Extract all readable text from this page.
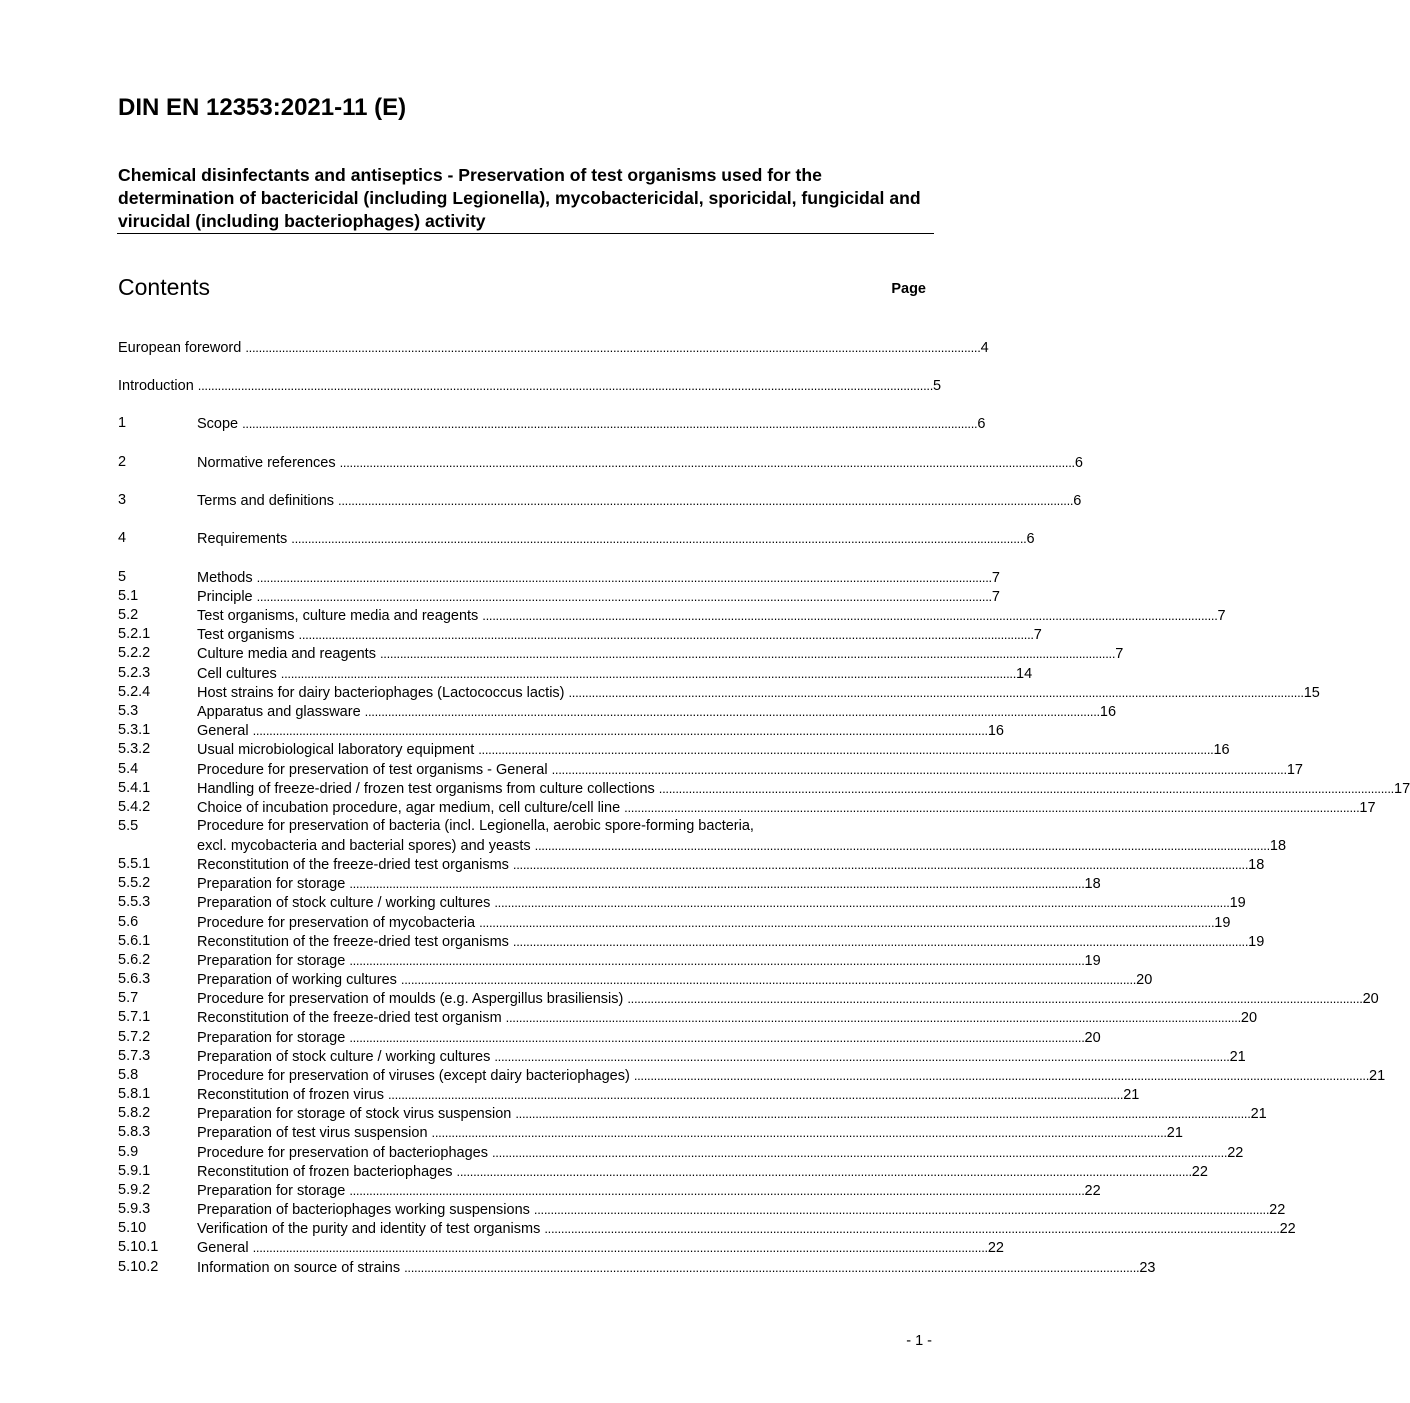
DIN EN 12353:2021-11 (E)
Chemical disinfectants and antiseptics - Preservation of test organisms used for the determination of bactericidal (including Legionella), mycobactericidal, sporicidal, fungicidal and virucidal (including bacteriophages) activity
Contents	Page
European foreword .............................................................................................................................................................................................................................. 4
Introduction .............................................................................................................................................................................................................................. 5
1	Scope .............................................................................................................................................................................................................................. 6
2	Normative references .............................................................................................................................................................................................................................. 6
3	Terms and definitions .............................................................................................................................................................................................................................. 6
4	Requirements .............................................................................................................................................................................................................................. 6
5	Methods .............................................................................................................................................................................................................................. 7
5.1	Principle .............................................................................................................................................................................................................................. 7
5.2	Test organisms, culture media and reagents .............................................................................................................................................................................................................................. 7
5.2.1	Test organisms .............................................................................................................................................................................................................................. 7
5.2.2	Culture media and reagents .............................................................................................................................................................................................................................. 7
5.2.3	Cell cultures .............................................................................................................................................................................................................................. 14
5.2.4	Host strains for dairy bacteriophages (Lactococcus lactis) .............................................................................................................................................................................................................................. 15
5.3	Apparatus and glassware .............................................................................................................................................................................................................................. 16
5.3.1	General .............................................................................................................................................................................................................................. 16
5.3.2	Usual microbiological laboratory equipment .............................................................................................................................................................................................................................. 16
5.4	Procedure for preservation of test organisms - General .............................................................................................................................................................................................................................. 17
5.4.1	Handling of freeze-dried / frozen test organisms from culture collections .............................................................................................................................................................................................................................. 17
5.4.2	Choice of incubation procedure, agar medium, cell culture/cell line .............................................................................................................................................................................................................................. 17
5.5	Procedure for preservation of bacteria (incl. Legionella, aerobic spore-forming bacteria,
excl. mycobacteria and bacterial spores) and yeasts .............................................................................................................................................................................................................................. 18
5.5.1	Reconstitution of the freeze-dried test organisms .............................................................................................................................................................................................................................. 18
5.5.2	Preparation for storage .............................................................................................................................................................................................................................. 18
5.5.3	Preparation of stock culture / working cultures .............................................................................................................................................................................................................................. 19
5.6	Procedure for preservation of mycobacteria .............................................................................................................................................................................................................................. 19
5.6.1	Reconstitution of the freeze-dried test organisms .............................................................................................................................................................................................................................. 19
5.6.2	Preparation for storage .............................................................................................................................................................................................................................. 19
5.6.3	Preparation of working cultures .............................................................................................................................................................................................................................. 20
5.7	Procedure for preservation of moulds (e.g. Aspergillus brasiliensis) .............................................................................................................................................................................................................................. 20
5.7.1	Reconstitution of the freeze-dried test organism .............................................................................................................................................................................................................................. 20
5.7.2	Preparation for storage .............................................................................................................................................................................................................................. 20
5.7.3	Preparation of stock culture / working cultures .............................................................................................................................................................................................................................. 21
5.8	Procedure for preservation of viruses (except dairy bacteriophages) .............................................................................................................................................................................................................................. 21
5.8.1	Reconstitution of frozen virus .............................................................................................................................................................................................................................. 21
5.8.2	Preparation for storage of stock virus suspension .............................................................................................................................................................................................................................. 21
5.8.3	Preparation of test virus suspension .............................................................................................................................................................................................................................. 21
5.9	Procedure for preservation of bacteriophages .............................................................................................................................................................................................................................. 22
5.9.1	Reconstitution of frozen bacteriophages .............................................................................................................................................................................................................................. 22
5.9.2	Preparation for storage .............................................................................................................................................................................................................................. 22
5.9.3	Preparation of bacteriophages working suspensions .............................................................................................................................................................................................................................. 22
5.10	Verification of the purity and identity of test organisms .............................................................................................................................................................................................................................. 22
5.10.1	General .............................................................................................................................................................................................................................. 22
5.10.2	Information on source of strains .............................................................................................................................................................................................................................. 23
- 1 -
